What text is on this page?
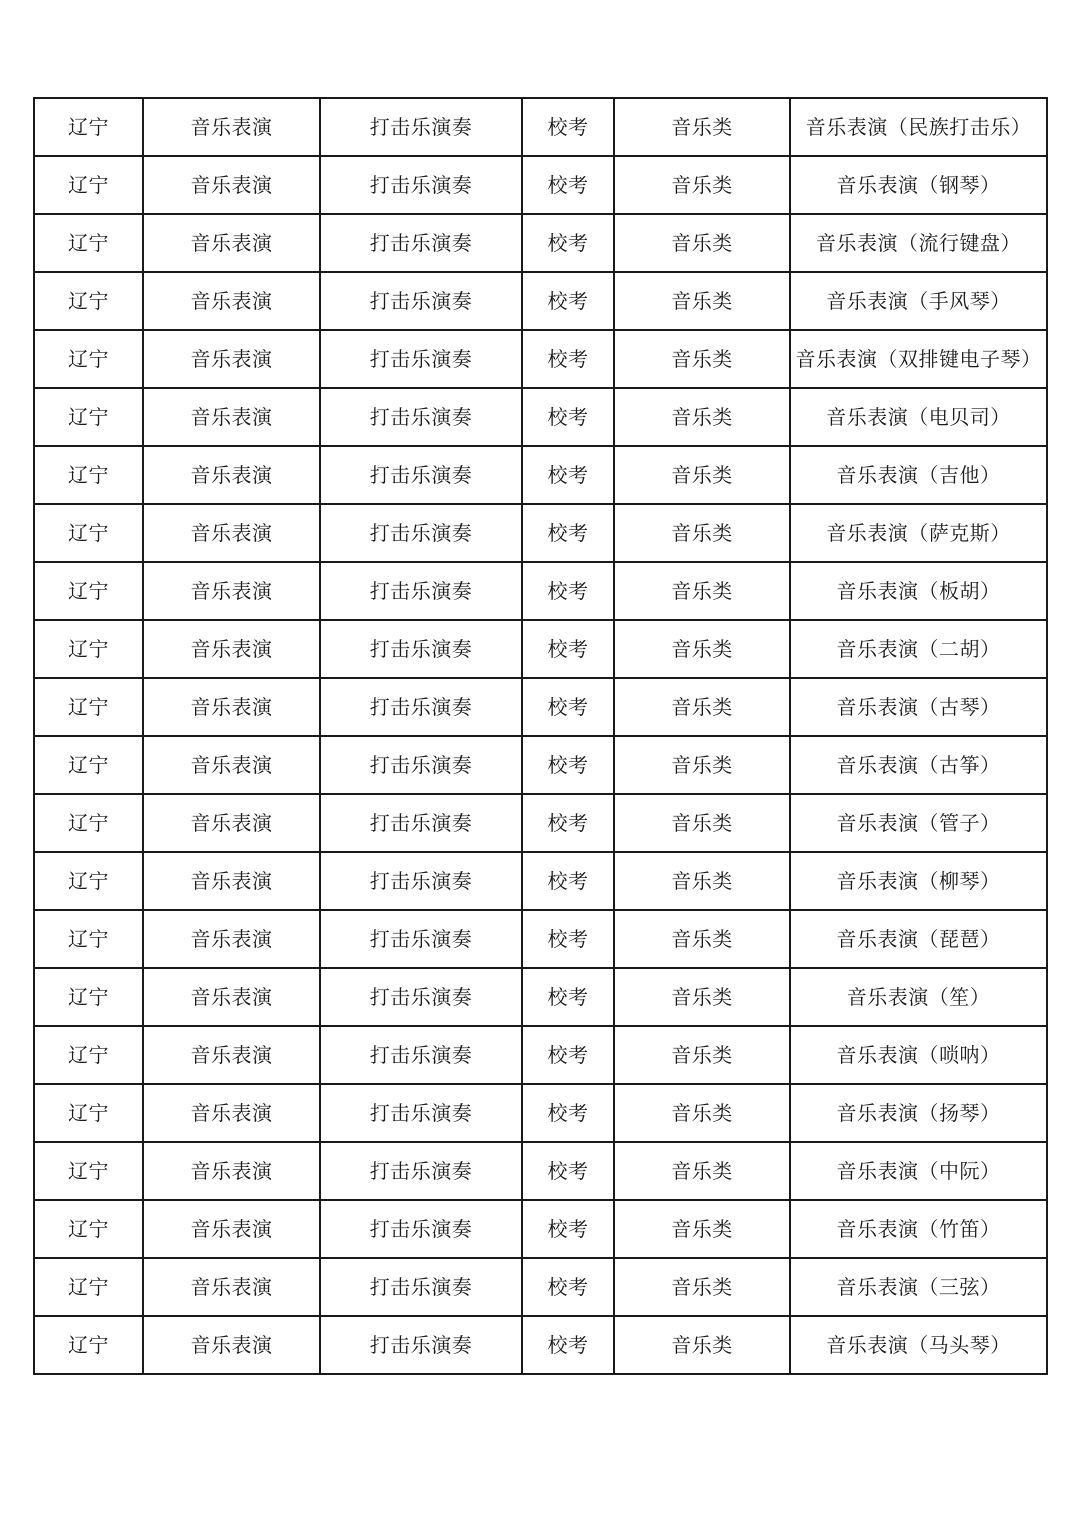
辽宁	音乐表演	打击乐演奏	校考	音乐类	音乐表演（民族打击乐）
辽宁	音乐表演	打击乐演奏	校考	音乐类	音乐表演（钢琴）
辽宁	音乐表演	打击乐演奏	校考	音乐类	音乐表演（流行键盘）
辽宁	音乐表演	打击乐演奏	校考	音乐类	音乐表演（手风琴）
辽宁	音乐表演	打击乐演奏	校考	音乐类	音乐表演（双排键电子琴）
辽宁	音乐表演	打击乐演奏	校考	音乐类	音乐表演（电贝司）
辽宁	音乐表演	打击乐演奏	校考	音乐类	音乐表演（吉他）
辽宁	音乐表演	打击乐演奏	校考	音乐类	音乐表演（萨克斯）
辽宁	音乐表演	打击乐演奏	校考	音乐类	音乐表演（板胡）
辽宁	音乐表演	打击乐演奏	校考	音乐类	音乐表演（二胡）
辽宁	音乐表演	打击乐演奏	校考	音乐类	音乐表演（古琴）
辽宁	音乐表演	打击乐演奏	校考	音乐类	音乐表演（古筝）
辽宁	音乐表演	打击乐演奏	校考	音乐类	音乐表演（管子）
辽宁	音乐表演	打击乐演奏	校考	音乐类	音乐表演（柳琴）
辽宁	音乐表演	打击乐演奏	校考	音乐类	音乐表演（琵琶）
辽宁	音乐表演	打击乐演奏	校考	音乐类	音乐表演（笙）
辽宁	音乐表演	打击乐演奏	校考	音乐类	音乐表演（唢呐）
辽宁	音乐表演	打击乐演奏	校考	音乐类	音乐表演（扬琴）
辽宁	音乐表演	打击乐演奏	校考	音乐类	音乐表演（中阮）
辽宁	音乐表演	打击乐演奏	校考	音乐类	音乐表演（竹笛）
辽宁	音乐表演	打击乐演奏	校考	音乐类	音乐表演（三弦）
辽宁	音乐表演	打击乐演奏	校考	音乐类	音乐表演（马头琴）
